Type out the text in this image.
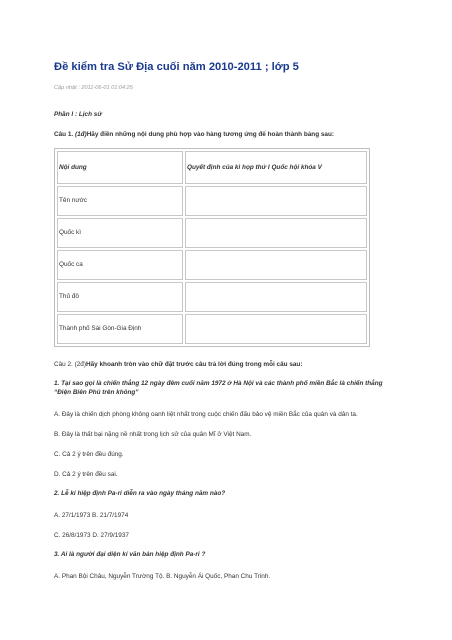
Đề kiểm tra Sử Địa cuối năm 2010-2011 ; lớp 5
Cập nhật : 2011-06-01 01:04:25
Phần I : Lịch sử
Câu 1. (1đ)Hãy điền những nội dung phù hợp vào hàng tương ứng để hoàn thành bảng sau:
Nội dung	Quyết định của kì họp thứ I Quốc hội khóa V
Tên nước	
Quốc kì	
Quốc ca	
Thủ đô	
Thành phố Sài Gòn-Gia Định	
Câu 2. (2đ)Hãy khoanh tròn vào chữ đặt trước câu trả lời đúng trong mỗi câu sau:
1. Tại sao gọi là chiến thắng 12 ngày đêm cuối năm 1972 ở Hà Nội và các thành phố miền Bắc là chiến thắng “Điện Biên Phủ trên không”
A. Đây là chiến dịch phòng không oanh liệt nhất trong cuộc chiến đấu bảo vệ miền Bắc của quân và dân ta.
B. Đây là thất bại nặng nề nhất trong lịch sử của quân Mĩ ở Việt Nam.
C. Cả 2 ý trên đều đúng.
D. Cả 2 ý trên đều sai.
2. Lễ kí hiệp định Pa-ri diễn ra vào ngày tháng năm nào?
A. 27/1/1973 B. 21/7/1974
C. 26/8/1973 D. 27/9/1937
3. Ai là người đại diện kí văn bản hiệp định Pa-ri ?
A. Phan Bội Châu, Nguyễn Trường Tộ. B. Nguyễn Ái Quốc, Phan Chu Trinh.
